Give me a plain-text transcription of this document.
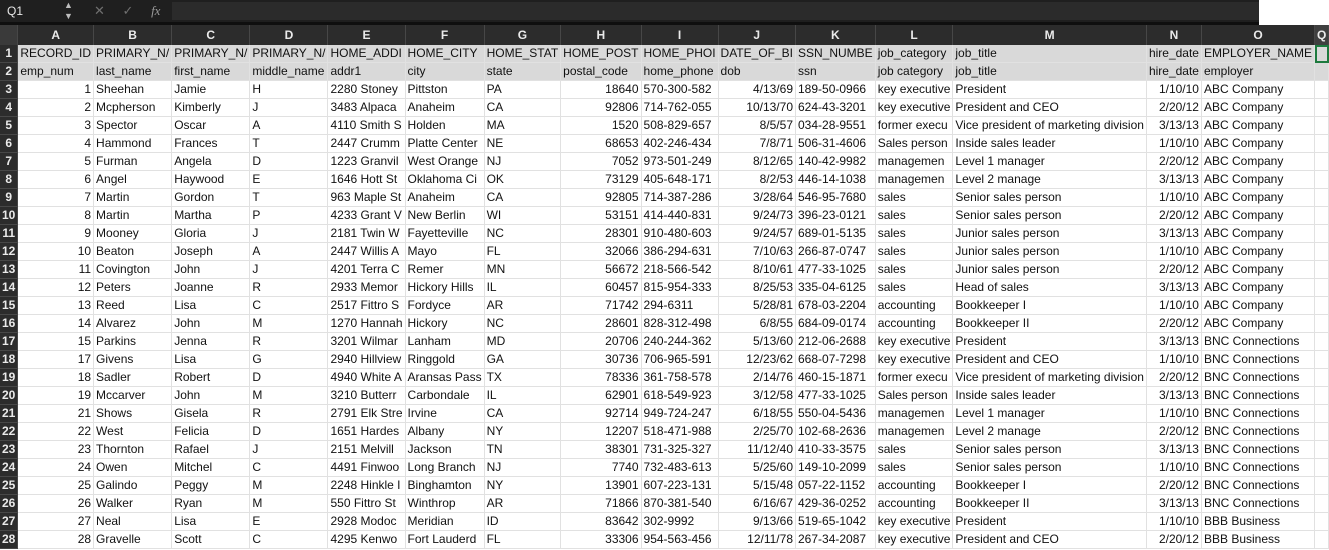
Q1	▲
▼ ✕ ✓ fx
	A	B	C	D	E	F	G	H	I	J	K	L	M	N	O	Q
1	RECORD_ID	PRIMARY_N/	PRIMARY_N/	PRIMARY_N/	HOME_ADDI	HOME_CITY	HOME_STAT	HOME_POST	HOME_PHOI	DATE_OF_BI	SSN_NUMBE	job_category	job_title	hire_date	EMPLOYER_NAME	
2	emp_num	last_name	first_name	middle_name	addr1	city	state	postal_code	home_phone	dob	ssn	job category	job_title	hire_date	employer	
3	1	Sheehan	Jamie	H	2280 Stoney	Pittston	PA	18640	570-300-582	4/13/69	189-50-0966	key executive	President	1/10/10	ABC Company	
4	2	Mcpherson	Kimberly	J	3483 Alpaca	Anaheim	CA	92806	714-762-055	10/13/70	624-43-3201	key executive	President and CEO	2/20/12	ABC Company	
5	3	Spector	Oscar	A	4110 Smith S	Holden	MA	1520	508-829-657	8/5/57	034-28-9551	former execu	Vice president of marketing division	3/13/13	ABC Company	
6	4	Hammond	Frances	T	2447 Crumm	Platte Center	NE	68653	402-246-434	7/8/71	506-31-4606	Sales person	Inside sales leader	1/10/10	ABC Company	
7	5	Furman	Angela	D	1223 Granvil	West Orange	NJ	7052	973-501-249	8/12/65	140-42-9982	managemen	Level 1 manager	2/20/12	ABC Company	
8	6	Angel	Haywood	E	1646 Hott St	Oklahoma Ci	OK	73129	405-648-171	8/2/53	446-14-1038	managemen	Level 2 manage	3/13/13	ABC Company	
9	7	Martin	Gordon	T	963 Maple St	Anaheim	CA	92805	714-387-286	3/28/64	546-95-7680	sales	Senior sales person	1/10/10	ABC Company	
10	8	Martin	Martha	P	4233 Grant V	New Berlin	WI	53151	414-440-831	9/24/73	396-23-0121	sales	Senior sales person	2/20/12	ABC Company	
11	9	Mooney	Gloria	J	2181 Twin W	Fayetteville	NC	28301	910-480-603	9/24/57	689-01-5135	sales	Junior sales person	3/13/13	ABC Company	
12	10	Beaton	Joseph	A	2447 Willis A	Mayo	FL	32066	386-294-631	7/10/63	266-87-0747	sales	Junior sales person	1/10/10	ABC Company	
13	11	Covington	John	J	4201 Terra C	Remer	MN	56672	218-566-542	8/10/61	477-33-1025	sales	Junior sales person	2/20/12	ABC Company	
14	12	Peters	Joanne	R	2933 Memor	Hickory Hills	IL	60457	815-954-333	8/25/53	335-04-6125	sales	Head of sales	3/13/13	ABC Company	
15	13	Reed	Lisa	C	2517 Fittro S	Fordyce	AR	71742	294-6311	5/28/81	678-03-2204	accounting	Bookkeeper I	1/10/10	ABC Company	
16	14	Alvarez	John	M	1270 Hannah	Hickory	NC	28601	828-312-498	6/8/55	684-09-0174	accounting	Bookkeeper II	2/20/12	ABC Company	
17	15	Parkins	Jenna	R	3201 Wilmar	Lanham	MD	20706	240-244-362	5/13/60	212-06-2688	key executive	President	3/13/13	BNC Connections	
18	17	Givens	Lisa	G	2940 Hillview	Ringgold	GA	30736	706-965-591	12/23/62	668-07-7298	key executive	President and CEO	1/10/10	BNC Connections	
19	18	Sadler	Robert	D	4940 White A	Aransas Pass	TX	78336	361-758-578	2/14/76	460-15-1871	former execu	Vice president of marketing division	2/20/12	BNC Connections	
20	19	Mccarver	John	M	3210 Butterr	Carbondale	IL	62901	618-549-923	3/12/58	477-33-1025	Sales person	Inside sales leader	3/13/13	BNC Connections	
21	21	Shows	Gisela	R	2791 Elk Stre	Irvine	CA	92714	949-724-247	6/18/55	550-04-5436	managemen	Level 1 manager	1/10/10	BNC Connections	
22	22	West	Felicia	D	1651 Hardes	Albany	NY	12207	518-471-988	2/25/70	102-68-2636	managemen	Level 2 manage	2/20/12	BNC Connections	
23	23	Thornton	Rafael	J	2151 Melvill	Jackson	TN	38301	731-325-327	11/12/40	410-33-3575	sales	Senior sales person	3/13/13	BNC Connections	
24	24	Owen	Mitchel	C	4491 Finwoo	Long Branch	NJ	7740	732-483-613	5/25/60	149-10-2099	sales	Senior sales person	1/10/10	BNC Connections	
25	25	Galindo	Peggy	M	2248 Hinkle I	Binghamton	NY	13901	607-223-131	5/15/48	057-22-1152	accounting	Bookkeeper I	2/20/12	BNC Connections	
26	26	Walker	Ryan	M	550 Fittro St	Winthrop	AR	71866	870-381-540	6/16/67	429-36-0252	accounting	Bookkeeper II	3/13/13	BNC Connections	
27	27	Neal	Lisa	E	2928 Modoc	Meridian	ID	83642	302-9992	9/13/66	519-65-1042	key executive	President	1/10/10	BBB Business	
28	28	Gravelle	Scott	C	4295 Kenwo	Fort Lauderd	FL	33306	954-563-456	12/11/78	267-34-2087	key executive	President and CEO	2/20/12	BBB Business	
